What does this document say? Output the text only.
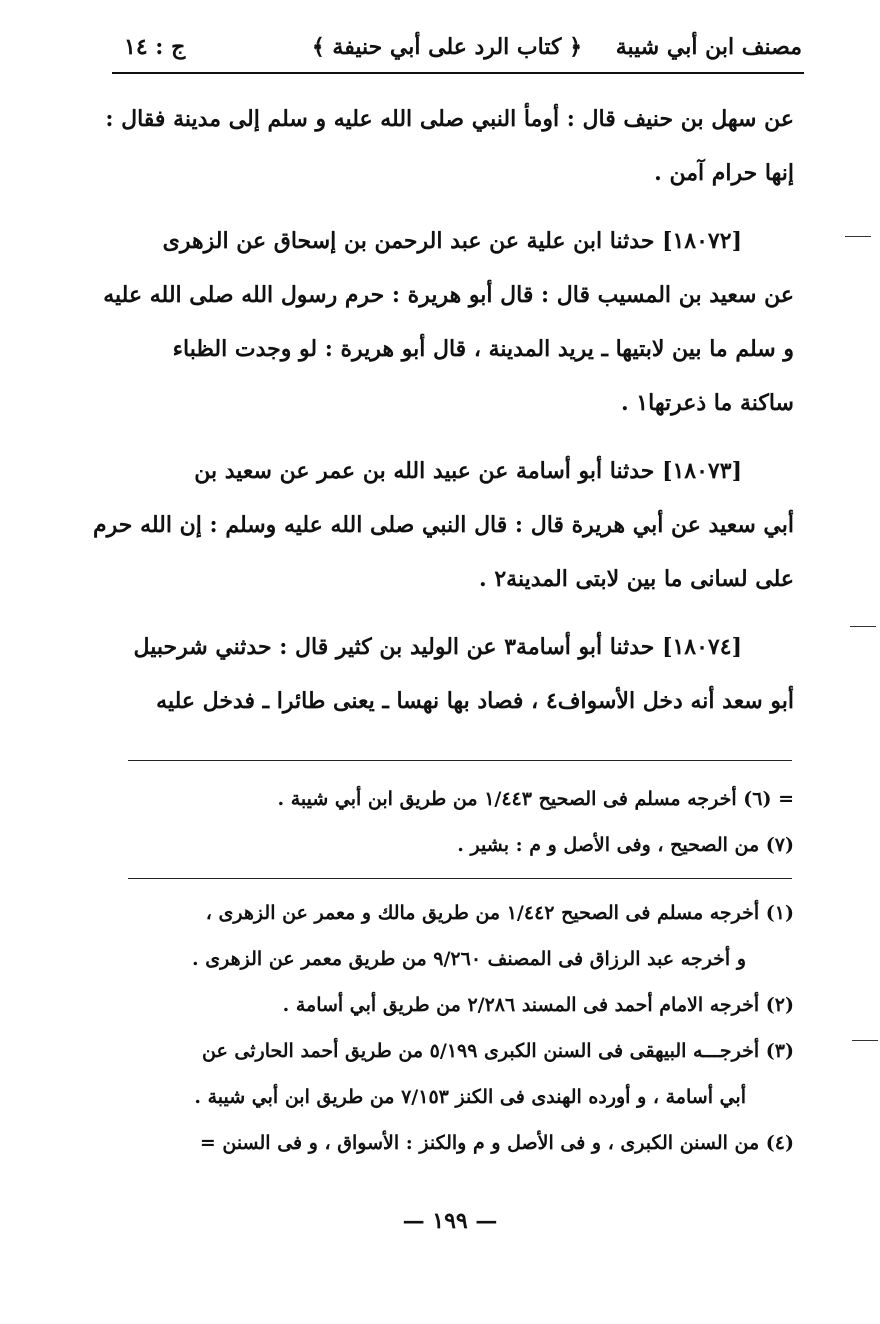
مصنف ابن أبي شيبة
﴿ كتاب الرد على أبي حنيفة ﴾
ج : ١٤
عن سهل بن حنيف قال : أومأ النبي صلى الله عليه و سلم إلى مدينة فقال :
إنها حرام آمن .
[١٨٠٧٢] حدثنا ابن علية عن عبد الرحمن بن إسحاق عن الزهرى
عن سعيد بن المسيب قال : قال أبو هريرة : حرم رسول الله صلى الله عليه
و سلم ما بين لابتيها ـ يريد المدينة ، قال أبو هريرة : لو وجدت الظباء
ساكنة ما ذعرتها١ .
[١٨٠٧٣] حدثنا أبو أسامة عن عبيد الله بن عمر عن سعيد بن
أبي سعيد عن أبي هريرة قال : قال النبي صلى الله عليه وسلم : إن الله حرم
على لسانى ما بين لابتى المدينة٢ .
[١٨٠٧٤] حدثنا أبو أسامة٣ عن الوليد بن كثير قال : حدثني شرحبيل
أبو سعد أنه دخل الأسواف٤ ، فصاد بها نهسا ـ يعنى طائرا ـ فدخل عليه
= (٦) أخرجه مسلم فى الصحيح ١/٤٤٣ من طريق ابن أبي شيبة .
(٧) من الصحيح ، وفى الأصل و م : بشير .
(١) أخرجه مسلم فى الصحيح ١/٤٤٢ من طريق مالك و معمر عن الزهرى ،
و أخرجه عبد الرزاق فى المصنف ٩/٢٦٠ من طريق معمر عن الزهرى .
(٢) أخرجه الامام أحمد فى المسند ٢/٢٨٦ من طريق أبي أسامة .
(٣) أخرجـــه البيهقى فى السنن الكبرى ٥/١٩٩ من طريق أحمد الحارثى عن
أبي أسامة ، و أورده الهندى فى الكنز ٧/١٥٣ من طريق ابن أبي شيبة .
(٤) من السنن الكبرى ، و فى الأصل و م والكنز : الأسواق ، و فى السنن =
— ١٩٩ —
